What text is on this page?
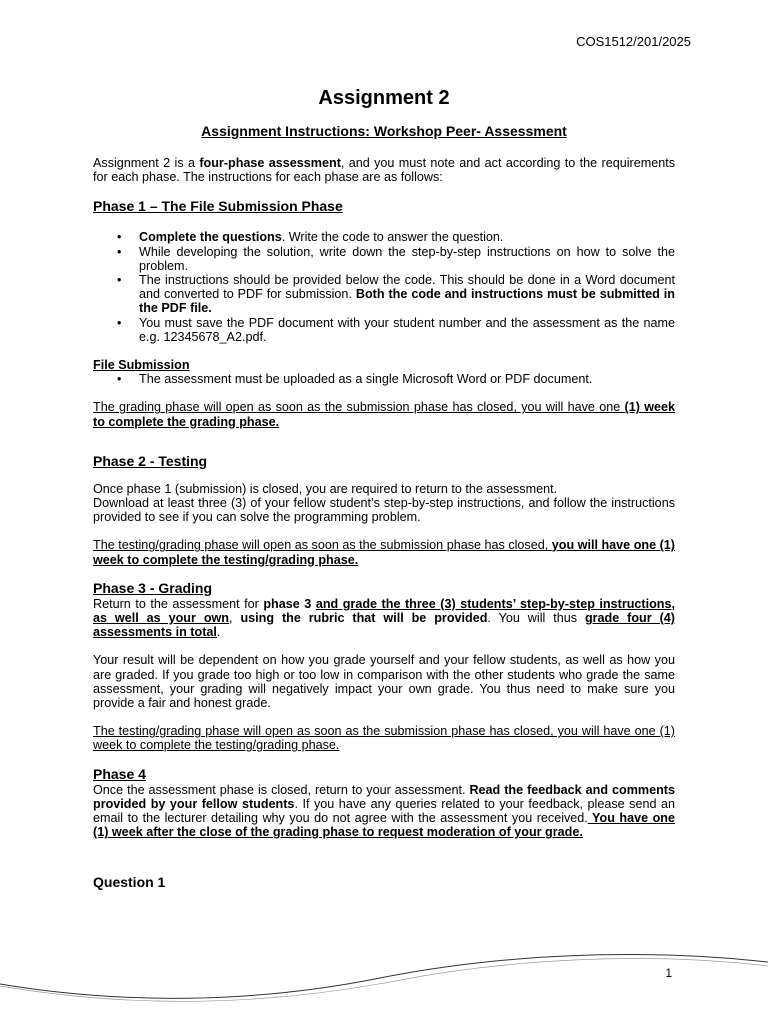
COS1512/201/2025
Assignment 2
Assignment Instructions: Workshop Peer- Assessment

Assignment 2 is a four-phase assessment, and you must note and act according to the requirements for each phase. The instructions for each phase are as follows:

Phase 1 – The File Submission Phase
• Complete the questions. Write the code to answer the question.
• While developing the solution, write down the step-by-step instructions on how to solve the problem.
• The instructions should be provided below the code. This should be done in a Word document and converted to PDF for submission. Both the code and instructions must be submitted in the PDF file.
• You must save the PDF document with your student number and the assessment as the name e.g. 12345678_A2.pdf.
File Submission
• The assessment must be uploaded as a single Microsoft Word or PDF document.

The grading phase will open as soon as the submission phase has closed, you will have one (1) week to complete the grading phase.

Phase 2 - Testing

Once phase 1 (submission) is closed, you are required to return to the assessment.

Download at least three (3) of your fellow student’s step-by-step instructions, and follow the instructions provided to see if you can solve the programming problem.

The testing/grading phase will open as soon as the submission phase has closed, you will have one (1) week to complete the testing/grading phase.

Phase 3 - Grading

Return to the assessment for phase 3 and grade the three (3) students’ step-by-step instructions, as well as your own, using the rubric that will be provided. You will thus grade four (4) assessments in total.

Your result will be dependent on how you grade yourself and your fellow students, as well as how you are graded. If you grade too high or too low in comparison with the other students who grade the same assessment, your grading will negatively impact your own grade. You thus need to make sure you provide a fair and honest grade.

The testing/grading phase will open as soon as the submission phase has closed, you will have one (1) week to complete the testing/grading phase.

Phase 4

Once the assessment phase is closed, return to your assessment. Read the feedback and comments provided by your fellow students. If you have any queries related to your feedback, please send an email to the lecturer detailing why you do not agree with the assessment you received. You have one (1) week after the close of the grading phase to request moderation of your grade.

Question 1
1
